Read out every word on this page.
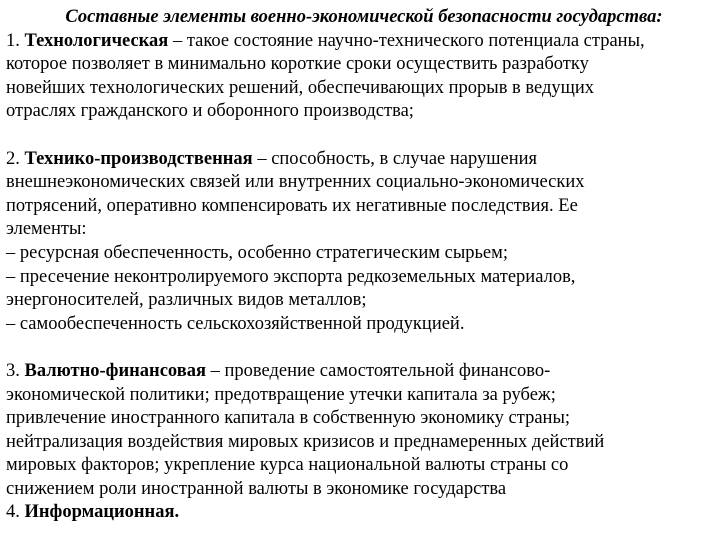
Составные элементы военно-экономической безопасности государства:
1. Технологическая – такое состояние научно-технического потенциала страны,
которое позволяет в минимально короткие сроки осуществить разработку
новейших технологических решений, обеспечивающих прорыв в ведущих
отраслях гражданского и оборонного производства;
2. Технико-производственная – способность, в случае нарушения
внешнеэкономических связей или внутренних социально-экономических
потрясений, оперативно компенсировать их негативные последствия. Ее
элементы:
– ресурсная обеспеченность, особенно стратегическим сырьем;
– пресечение неконтролируемого экспорта редкоземельных материалов,
энергоносителей, различных видов металлов;
– самообеспеченность сельскохозяйственной продукцией.
3. Валютно-финансовая – проведение самостоятельной финансово-
экономической политики; предотвращение утечки капитала за рубеж;
привлечение иностранного капитала в собственную экономику страны;
нейтрализация воздействия мировых кризисов и преднамеренных действий
мировых факторов; укрепление курса национальной валюты страны со
снижением роли иностранной валюты в экономике государства
4. Информационная.
